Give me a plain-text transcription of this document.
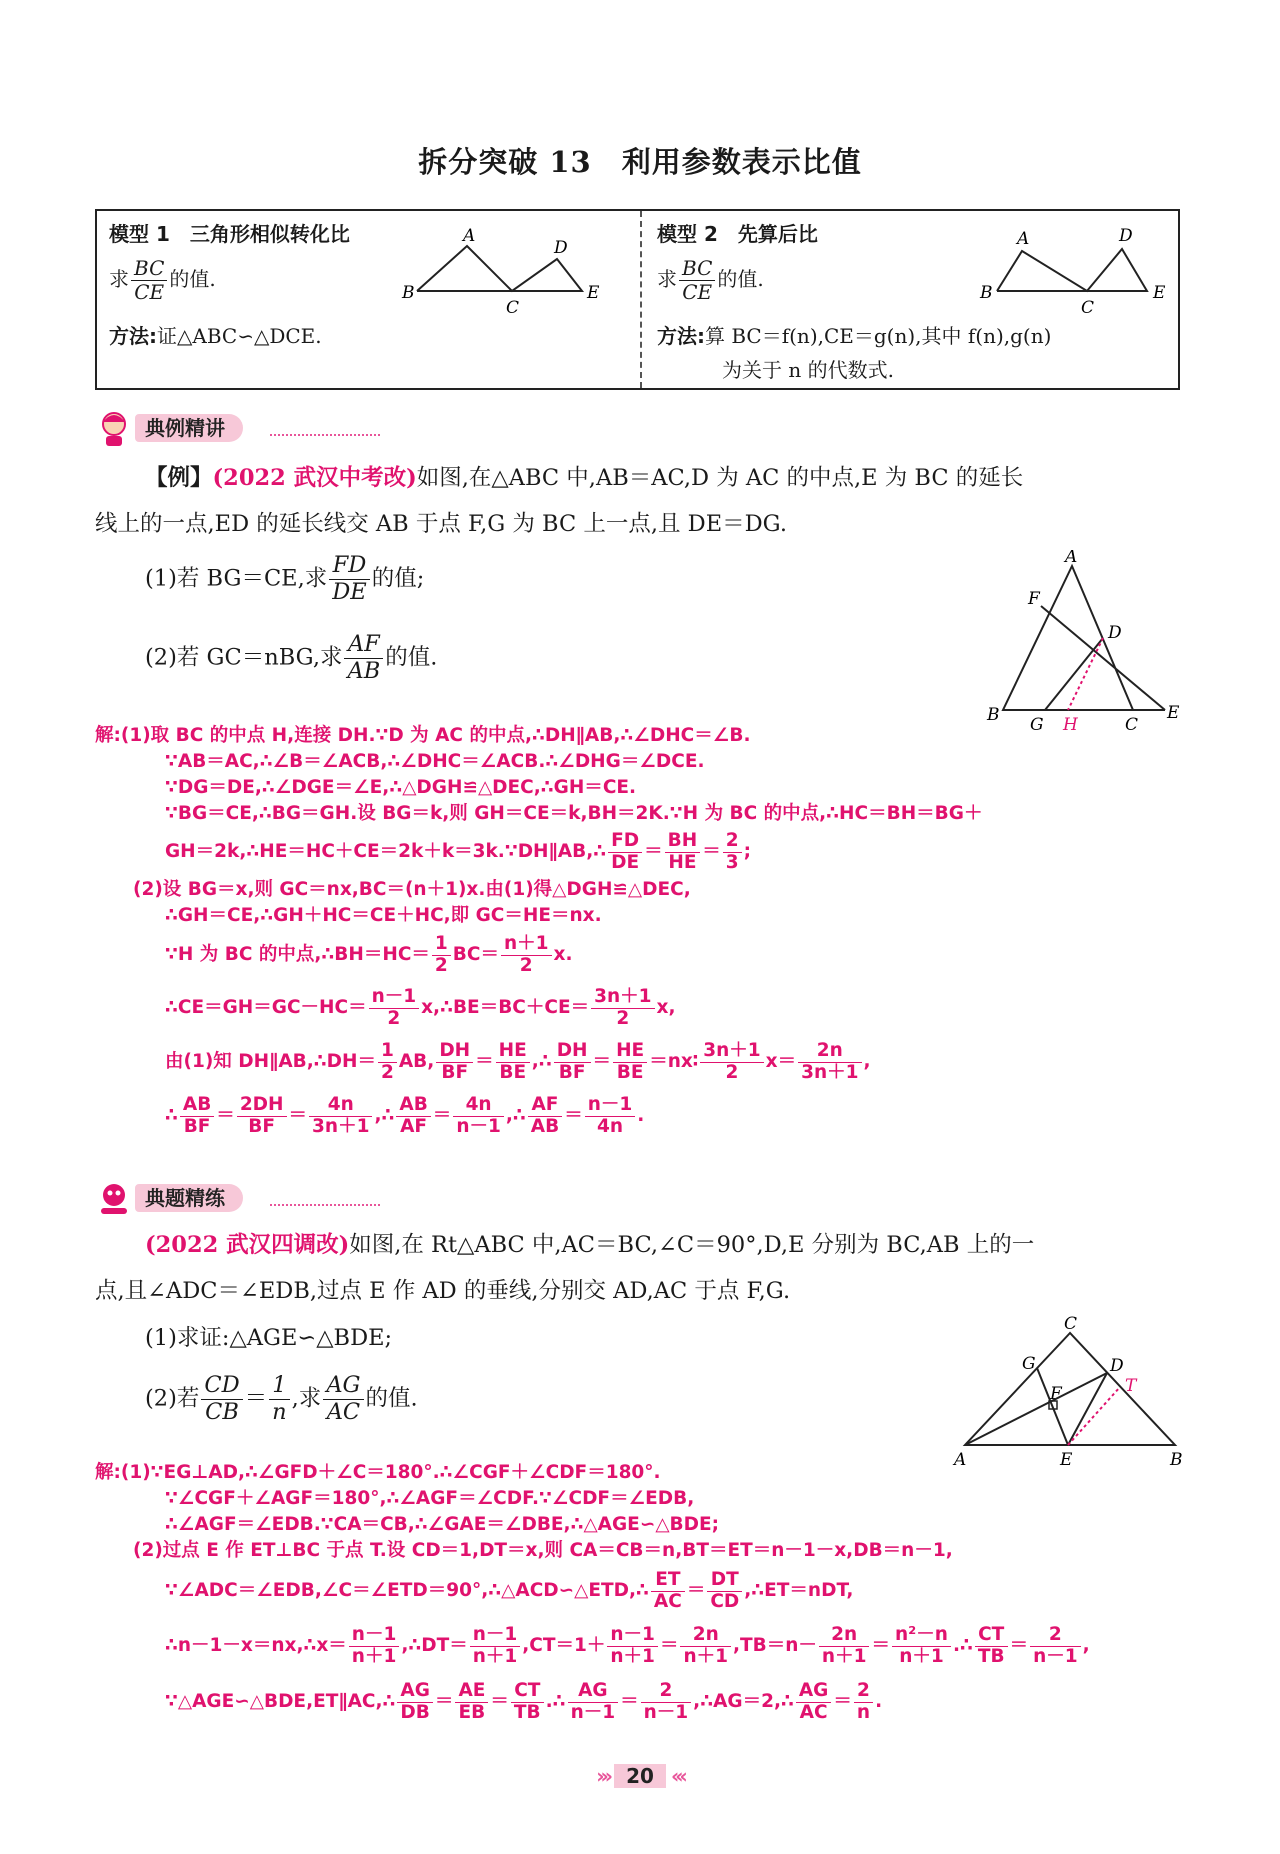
拆分突破 13　利用参数表示比值
模型 1　三角形相似转化比
求 $\frac{BC}{CE}$ 的值.
方法:证△ABC∽△DCE.
A
B
C
D
E
模型 2　先算后比
求 $\frac{BC}{CE}$ 的值.
方法:算 BC＝f(n),CE＝g(n),其中 f(n),g(n)
为关于 n 的代数式.
A
B
C
D
E
典例精讲
【例】(2022 武汉中考改)如图,在△ABC 中,AB＝AC,D 为 AC 的中点,E 为 BC 的延长
线上的一点,ED 的延长线交 AB 于点 F,G 为 BC 上一点,且 DE＝DG.
(1)若 BG＝CE,求 $\frac{FD}{DE}$ 的值;
(2)若 GC＝nBG,求 $\frac{AF}{AB}$ 的值.
A
F
D
B G H	C
E
解:(1)取 BC 的中点 H,连接 DH.∵D 为 AC 的中点,∴DH∥AB,∴∠DHC＝∠B.
∵AB＝AC,∴∠B＝∠ACB,∴∠DHC＝∠ACB.∴∠DHG＝∠DCE.
∵DG＝DE,∴∠DGE＝∠E,∴△DGH≌△DEC,∴GH＝CE.
∵BG＝CE,∴BG＝GH.设 BG＝k,则 GH＝CE＝k,BH＝2K.∵H 为 BC 的中点,∴HC＝BH＝BG＋
GH＝2k,∴HE＝HC＋CE＝2k＋k＝3k.∵DH∥AB,∴ $\frac{FD}{DE} = \frac{BH}{HE} = \frac{2}{3}$ ;
(2)设 BG＝x,则 GC＝nx,BC＝(n＋1)x.由(1)得△DGH≌△DEC,
∴GH＝CE,∴GH＋HC＝CE＋HC,即 GC＝HE＝nx.
∵H 为 BC 的中点,∴BH＝HC＝ $\frac{1}{2} BC= \frac{n+1}{2} x$.
∴CE＝GH＝GC－HC＝ $\frac{n-1}{2}$ x,∴BE＝BC＋CE＝ $\frac{3n+1}{2} x$,
由(1)知 DH∥AB,∴DH＝ $\frac{1}{2}$ AB, $\frac{DH}{BF} = \frac{HE}{BE}$ ,∴ $\frac{DH}{BF} = \frac{HE}{BE}$ ＝nx∶ $\frac{3n+1}{2} x= \frac{2n}{3n+1}$ ,
∴ $\frac{AB}{BF} = \frac{2DH}{BF} = \frac{4n}{3n+1}$ ,∴ $\frac{AB}{AF} = \frac{4n}{n-1}$ ,∴ $\frac{AF}{AB} = \frac{n-1}{4n}$ .
典题精练
(2022 武汉四调改)如图,在 Rt△ABC 中,AC＝BC,∠C＝90°,D,E 分别为 BC,AB 上的一
点,且∠ADC＝∠EDB,过点 E 作 AD 的垂线,分别交 AD,AC 于点 F,G.
(1)求证:△AGE∽△BDE;
(2)若 $\frac{CD}{CB} = \frac{1}{n}$ ,求 $\frac{AG}{AC}$ 的值.
C
G	D
T
F
A	E	B
解:(1)∵EG⊥AD,∴∠GFD＋∠C＝180°.∴∠CGF＋∠CDF＝180°.
∵∠CGF＋∠AGF＝180°,∴∠AGF＝∠CDF.∵∠CDF＝∠EDB,
∴∠AGF＝∠EDB.∵CA＝CB,∴∠GAE＝∠DBE,∴△AGE∽△BDE;
(2)过点 E 作 ET⊥BC 于点 T.设 CD＝1,DT＝x,则 CA＝CB＝n,BT＝ET＝n－1－x,DB＝n－1,
∵∠ADC＝∠EDB,∠C＝∠ETD＝90°,∴△ACD∽△ETD,∴ $\frac{ET}{AC} = \frac{DT}{CD}$ ,∴ET＝nDT,
∴n－1－x＝nx,∴x＝ $\frac{n-1}{n+1}$ ,∴DT＝ $\frac{n-1}{n+1} ,CT=1+ \frac{n-1}{n+1} = \frac{2n}{n+1} ,TB=n- \frac{2n}{n+1} = \frac{\text{n²－n}}{n+1}$ .∴ $\frac{CT}{TB} = \frac{2}{n-1}$ ,
∵△AGE∽△BDE,ET∥AC,∴ $\frac{AG}{DB} = \frac{AE}{EB} = \frac{CT}{TB}$ .∴ $\frac{AG}{n-1} = \frac{2}{n-1}$ ,∴AG＝2,∴ $\frac{AG}{AC} = \frac{2}{n}$ .
››› 20 ‹‹‹
